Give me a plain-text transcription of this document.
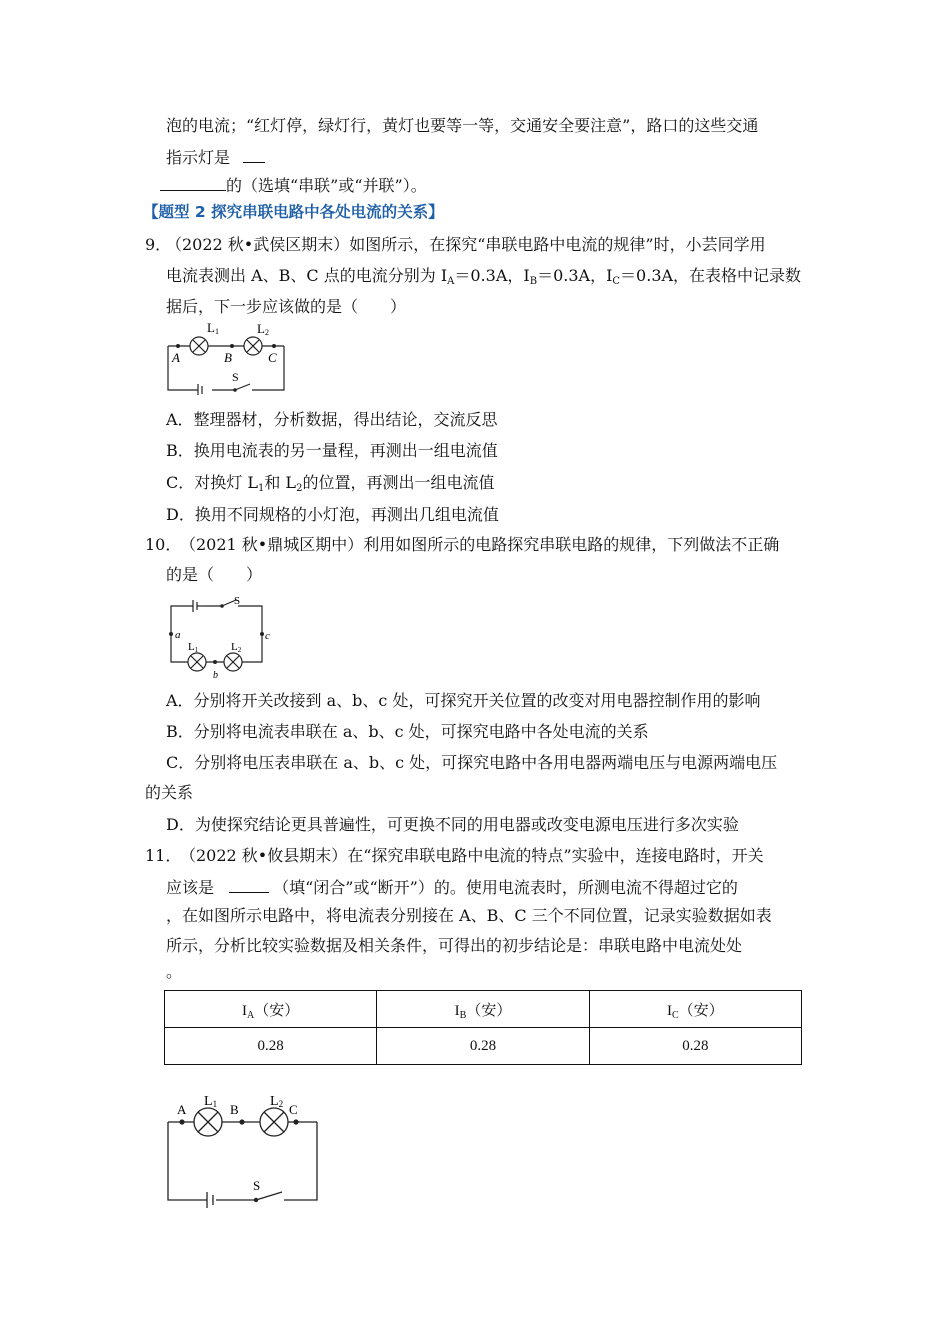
泡的电流；“红灯停，绿灯行，黄灯也要等一等，交通安全要注意”，路口的这些交通
指示灯是
的（选填“串联”或“并联”）。
【题型 2 探究串联电路中各处电流的关系】
9．
（2022 秋•武侯区期末）如图所示，在探究“串联电路中电流的规律”时，小芸同学用
电流表测出 A、B、C 点的电流分别为 $I_A=0.3A$，$I_B=0.3A$，$I_C=0.3A$，在表格中记录数
据后，下一步应该做的是（　　）
L1	L2
A	B	C
S
A．整理器材，分析数据，得出结论，交流反思
B．换用电流表的另一量程，再测出一组电流值
C．对换灯 $L_1$和 $L_2$的位置，再测出一组电流值
D．换用不同规格的小灯泡，再测出几组电流值
10．
（2021 秋•鼎城区期中）利用如图所示的电路探究串联电路的规律，下列做法不正确
的是（　　）
S
a	c
b
L1	L2
A．分别将开关改接到 a、b、c 处，可探究开关位置的改变对用电器控制作用的影响
B．分别将电流表串联在 a、b、c 处，可探究电路中各处电流的关系
C．分别将电压表串联在 a、b、c 处，可探究电路中各用电器两端电压与电源两端电压
的关系
D．为使探究结论更具普遍性，可更换不同的用电器或改变电源电压进行多次实验
11．
（2022 秋•攸县期末）在“探究串联电路中电流的特点”实验中，连接电路时，开关
应该是	（填“闭合”或“断开”）的。使用电流表时，所测电流不得超过它的
，在如图所示电路中，将电流表分别接在 A、B、C 三个不同位置，记录实验数据如表
所示，分析比较实验数据及相关条件，可得出的初步结论是：串联电路中电流处处
。
$I_A$（安）	$I_B$（安）	$I_C$（安）
0.28	0.28	0.28
A	B	C
L1	L2
S
